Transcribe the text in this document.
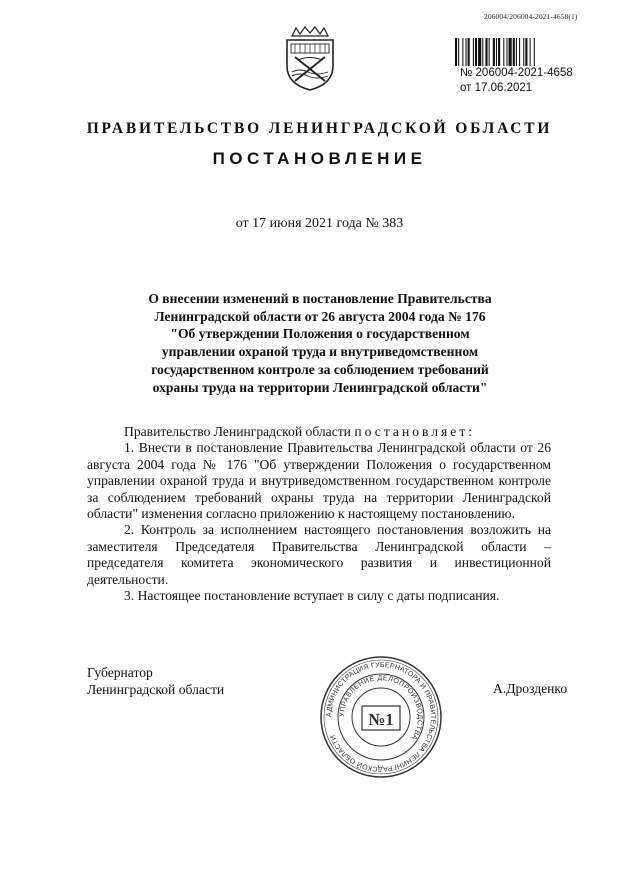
206004/206004-2021-4658(1)
№ 206004-2021-4658
от 17.06.2021
ПРАВИТЕЛЬСТВО ЛЕНИНГРАДСКОЙ ОБЛАСТИ
ПОСТАНОВЛЕНИЕ
от 17 июня 2021 года № 383
О внесении изменений в постановление Правительства
Ленинградской области от 26 августа 2004 года № 176
"Об утверждении Положения о государственном
управлении охраной труда и внутриведомственном
государственном контроле за соблюдением требований
охраны труда на территории Ленинградской области"

Правительство Ленинградской области постановляет:

1. Внести в постановление Правительства Ленинградской области от 26 августа 2004 года № 176 "Об утверждении Положения о государственном управлении охраной труда и внутриведомственном государственном контроле за соблюдением требований охраны труда на территории Ленинградской области" изменения согласно приложению к настоящему постановлению.

2. Контроль за исполнением настоящего постановления возложить на заместителя Председателя Правительства Ленинградской области – председателя комитета экономического развития и инвестиционной деятельности.

3. Настоящее постановление вступает в силу с даты подписания.

Губернатор
Ленинградской области	А.Дрозденко
АДМИНИСТРАЦИЯ ГУБЕРНАТОРА И ПРАВИТЕЛЬСТВА ЛЕНИНГРАДСКОЙ ОБЛАСТИ
УПРАВЛЕНИЕ ДЕЛОПРОИЗВОДСТВА
№1
